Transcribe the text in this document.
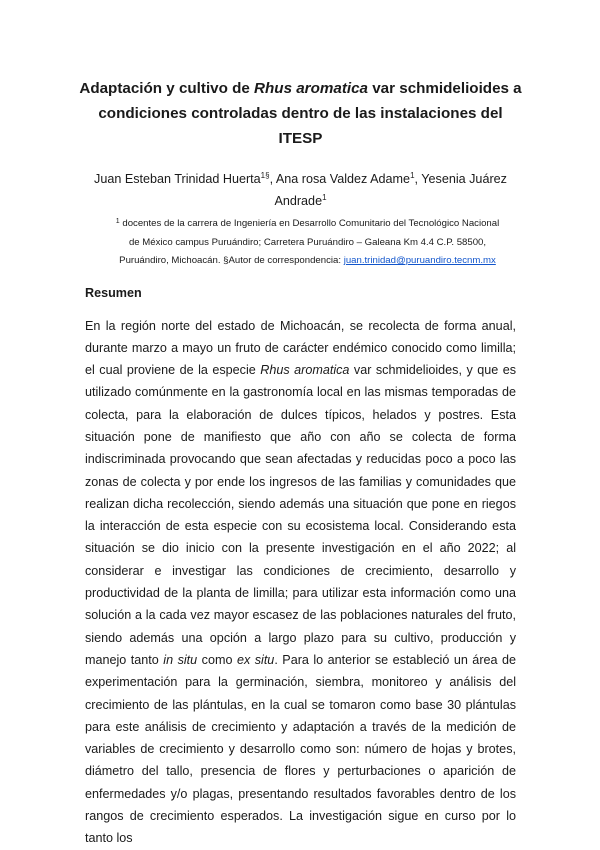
Adaptación y cultivo de Rhus aromatica var schmidelioides a condiciones controladas dentro de las instalaciones del ITESP
Juan Esteban Trinidad Huerta$^{1\S}$, Ana rosa Valdez Adame$^1$, Yesenia Juárez Andrade$^1$
$^1$ docentes de la carrera de Ingeniería en Desarrollo Comunitario del Tecnológico Nacional de México campus Puruándiro; Carretera Puruándiro – Galeana Km 4.4 C.P. 58500, Puruándiro, Michoacán. §Autor de correspondencia: juan.trinidad@puruandiro.tecnm.mx
Resumen
En la región norte del estado de Michoacán, se recolecta de forma anual, durante marzo a mayo un fruto de carácter endémico conocido como limilla; el cual proviene de la especie Rhus aromatica var schmidelioides, y que es utilizado comúnmente en la gastronomía local en las mismas temporadas de colecta, para la elaboración de dulces típicos, helados y postres. Esta situación pone de manifiesto que año con año se colecta de forma indiscriminada provocando que sean afectadas y reducidas poco a poco las zonas de colecta y por ende los ingresos de las familias y comunidades que realizan dicha recolección, siendo además una situación que pone en riegos la interacción de esta especie con su ecosistema local. Considerando esta situación se dio inicio con la presente investigación en el año 2022; al considerar e investigar las condiciones de crecimiento, desarrollo y productividad de la planta de limilla; para utilizar esta información como una solución a la cada vez mayor escasez de las poblaciones naturales del fruto, siendo además una opción a largo plazo para su cultivo, producción y manejo tanto in situ como ex situ. Para lo anterior se estableció un área de experimentación para la germinación, siembra, monitoreo y análisis del crecimiento de las plántulas, en la cual se tomaron como base 30 plántulas para este análisis de crecimiento y adaptación a través de la medición de variables de crecimiento y desarrollo como son: número de hojas y brotes, diámetro del tallo, presencia de flores y perturbaciones o aparición de enfermedades y/o plagas, presentando resultados favorables dentro de los rangos de crecimiento esperados. La investigación sigue en curso por lo tanto los
